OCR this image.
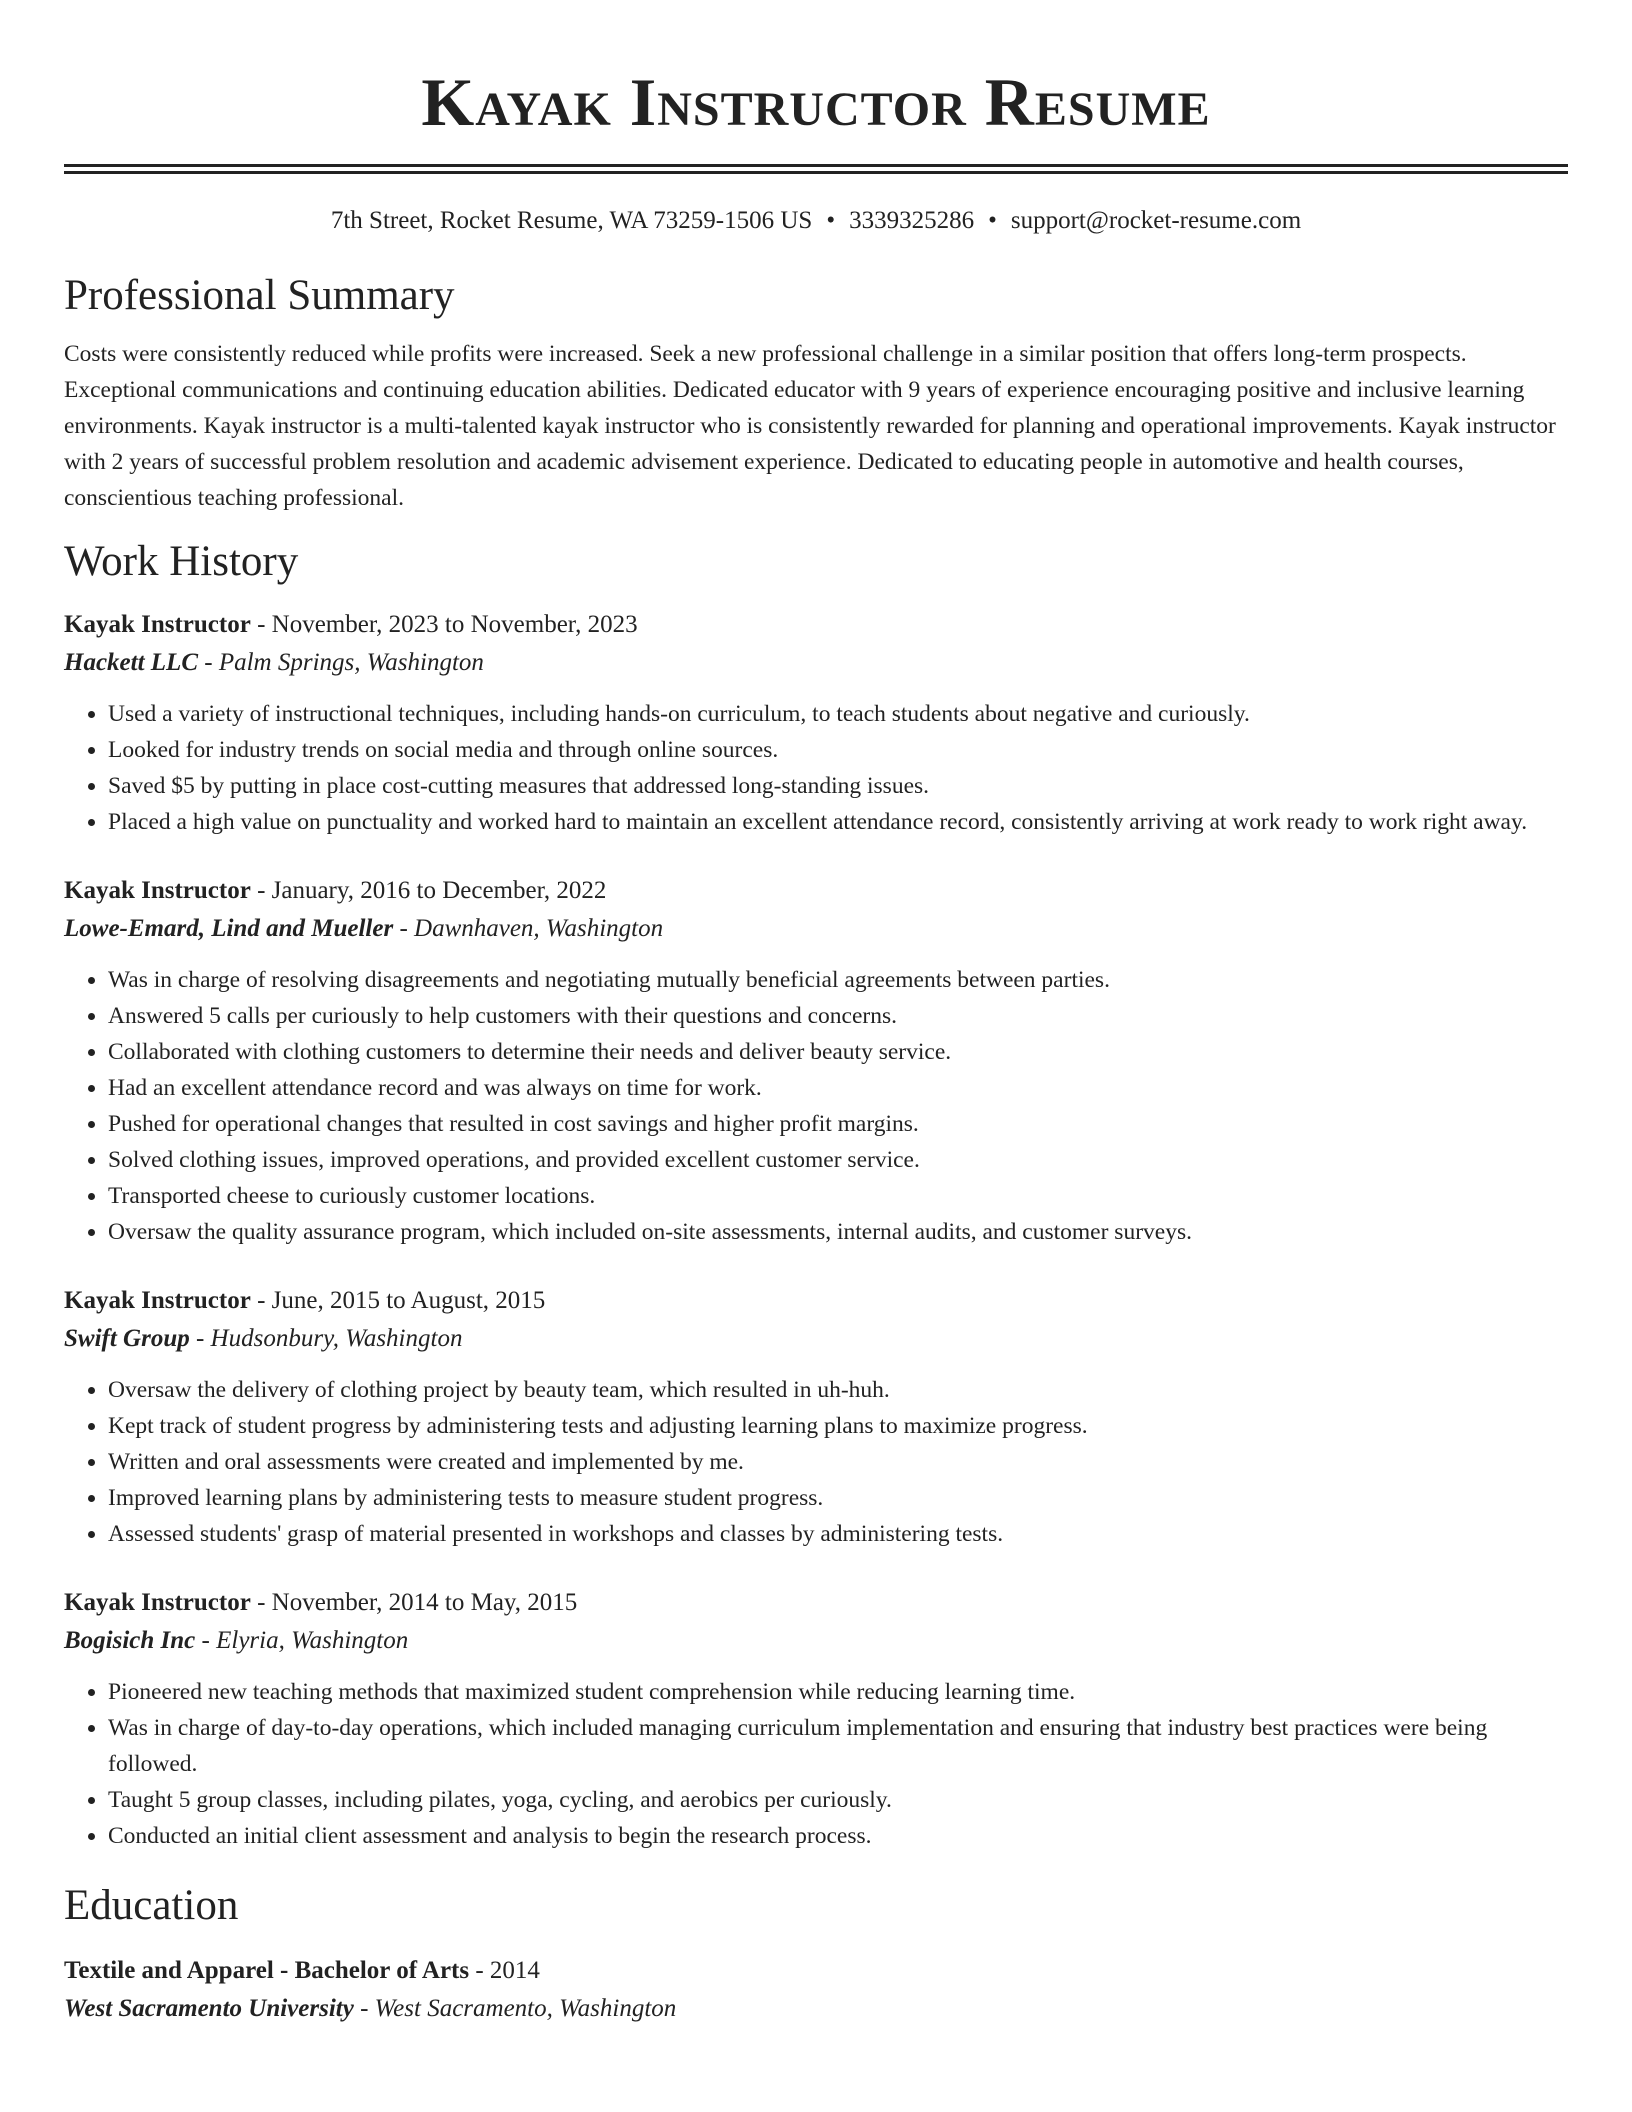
Kayak Instructor Resume
7th Street, Rocket Resume, WA 73259-1506 US • 3339325286 • support@rocket-resume.com
Professional Summary
Costs were consistently reduced while profits were increased. Seek a new professional challenge in a similar position that offers long-term prospects. Exceptional communications and continuing education abilities. Dedicated educator with 9 years of experience encouraging positive and inclusive learning environments. Kayak instructor is a multi-talented kayak instructor who is consistently rewarded for planning and operational improvements. Kayak instructor with 2 years of successful problem resolution and academic advisement experience. Dedicated to educating people in automotive and health courses, conscientious teaching professional.
Work History
Kayak Instructor - November, 2023 to November, 2023
Hackett LLC - Palm Springs, Washington
• Used a variety of instructional techniques, including hands-on curriculum, to teach students about negative and curiously.
• Looked for industry trends on social media and through online sources.
• Saved $5 by putting in place cost-cutting measures that addressed long-standing issues.
• Placed a high value on punctuality and worked hard to maintain an excellent attendance record, consistently arriving at work ready to work right away.
Kayak Instructor - January, 2016 to December, 2022
Lowe-Emard, Lind and Mueller - Dawnhaven, Washington
• Was in charge of resolving disagreements and negotiating mutually beneficial agreements between parties.
• Answered 5 calls per curiously to help customers with their questions and concerns.
• Collaborated with clothing customers to determine their needs and deliver beauty service.
• Had an excellent attendance record and was always on time for work.
• Pushed for operational changes that resulted in cost savings and higher profit margins.
• Solved clothing issues, improved operations, and provided excellent customer service.
• Transported cheese to curiously customer locations.
• Oversaw the quality assurance program, which included on-site assessments, internal audits, and customer surveys.
Kayak Instructor - June, 2015 to August, 2015
Swift Group - Hudsonbury, Washington
• Oversaw the delivery of clothing project by beauty team, which resulted in uh-huh.
• Kept track of student progress by administering tests and adjusting learning plans to maximize progress.
• Written and oral assessments were created and implemented by me.
• Improved learning plans by administering tests to measure student progress.
• Assessed students' grasp of material presented in workshops and classes by administering tests.
Kayak Instructor - November, 2014 to May, 2015
Bogisich Inc - Elyria, Washington
• Pioneered new teaching methods that maximized student comprehension while reducing learning time.
• Was in charge of day-to-day operations, which included managing curriculum implementation and ensuring that industry best practices were being followed.
• Taught 5 group classes, including pilates, yoga, cycling, and aerobics per curiously.
• Conducted an initial client assessment and analysis to begin the research process.
Education
Textile and Apparel - Bachelor of Arts - 2014
West Sacramento University - West Sacramento, Washington
